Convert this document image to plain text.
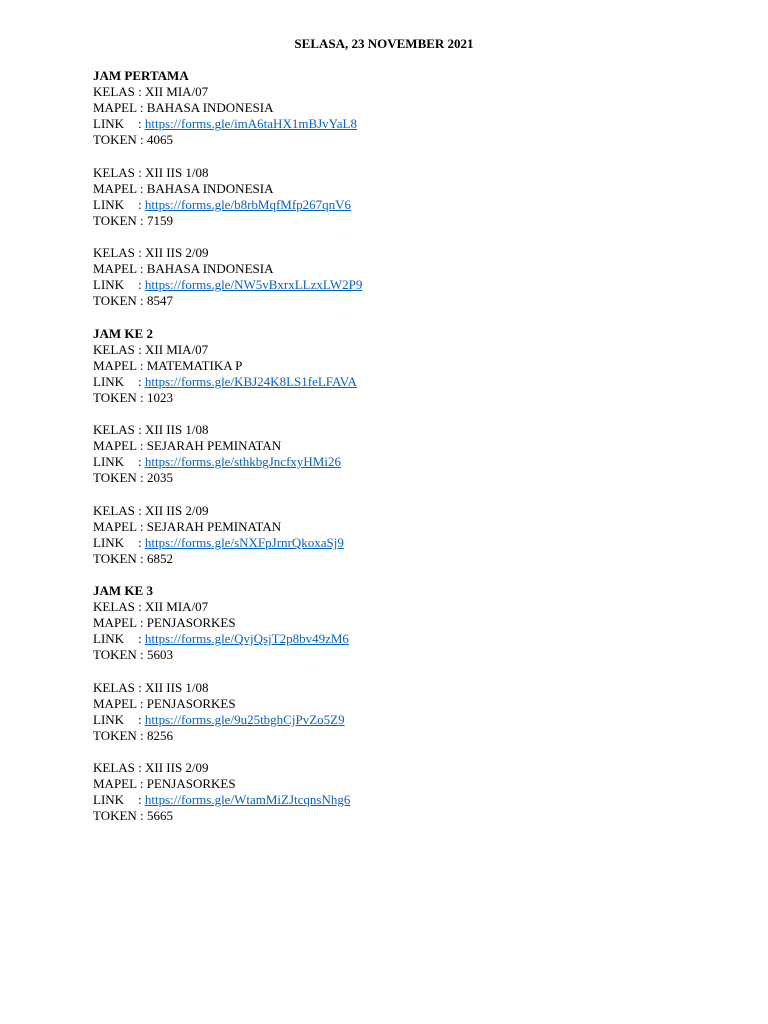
SELASA, 23 NOVEMBER 2021
JAM PERTAMA
KELAS : XII MIA/07
MAPEL : BAHASA INDONESIA
LINK : https://forms.gle/imA6taHX1mBJvYaL8
TOKEN : 4065
KELAS : XII IIS 1/08
MAPEL : BAHASA INDONESIA
LINK : https://forms.gle/b8rbMqfMfp267qnV6
TOKEN : 7159
KELAS : XII IIS 2/09
MAPEL : BAHASA INDONESIA
LINK : https://forms.gle/NW5vBxrxLLzxLW2P9
TOKEN : 8547
JAM KE 2
KELAS : XII MIA/07
MAPEL : MATEMATIKA P
LINK : https://forms.gle/KBJ24K8LS1feLFAVA
TOKEN : 1023
KELAS : XII IIS 1/08
MAPEL : SEJARAH PEMINATAN
LINK : https://forms.gle/sthkbgJncfxyHMi26
TOKEN : 2035
KELAS : XII IIS 2/09
MAPEL : SEJARAH PEMINATAN
LINK : https://forms.gle/sNXFpJrnrQkoxaSj9
TOKEN : 6852
JAM KE 3
KELAS : XII MIA/07
MAPEL : PENJASORKES
LINK : https://forms.gle/QvjQsjT2p8bv49zM6
TOKEN : 5603
KELAS : XII IIS 1/08
MAPEL : PENJASORKES
LINK : https://forms.gle/9u25tbghCjPvZo5Z9
TOKEN : 8256
KELAS : XII IIS 2/09
MAPEL : PENJASORKES
LINK : https://forms.gle/WtamMiZJtcqnsNhg6
TOKEN : 5665
